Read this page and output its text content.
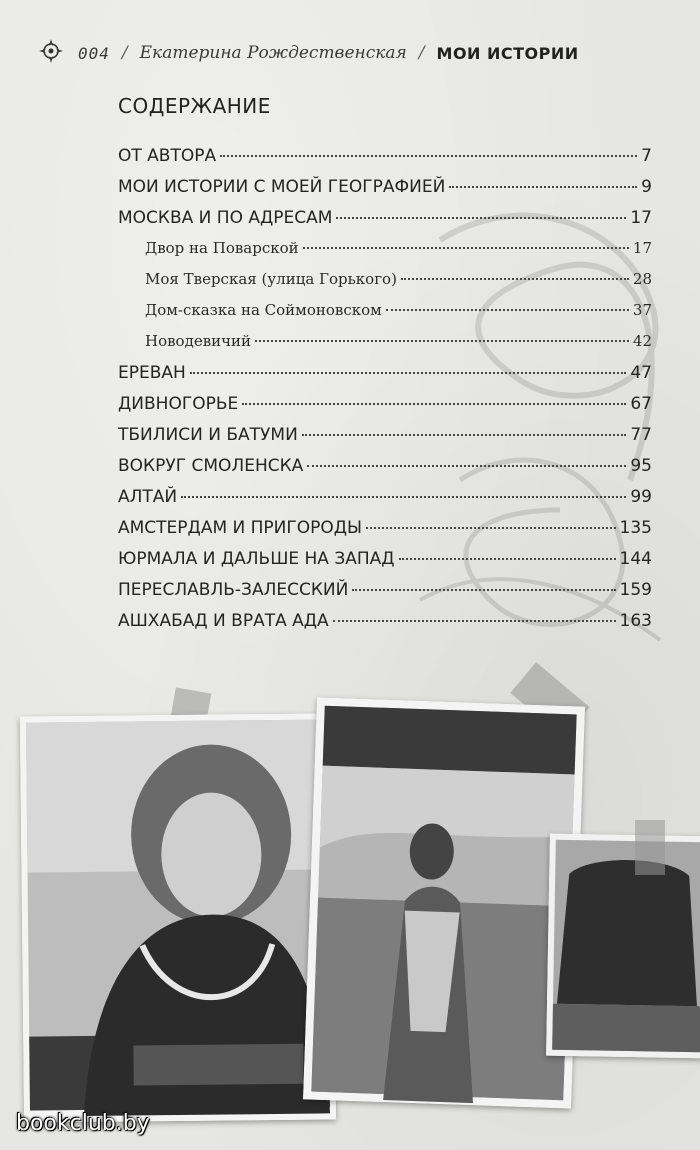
004 / Екатерина Рождественская / МОИ ИСТОРИИ
СОДЕРЖАНИЕ
ОТ АВТОРА	7
МОИ ИСТОРИИ С МОЕЙ ГЕОГРАФИЕЙ	9
МОСКВА И ПО АДРЕСАМ	17
Двор на Поварской	17
Моя Тверская (улица Горького)	28
Дом-сказка на Соймоновском	37
Новодевичий	42
ЕРЕВАН	47
ДИВНОГОРЬЕ	67
ТБИЛИСИ И БАТУМИ	77
ВОКРУГ СМОЛЕНСКА	95
АЛТАЙ	99
АМСТЕРДАМ И ПРИГОРОДЫ	135
ЮРМАЛА И ДАЛЬШЕ НА ЗАПАД	144
ПЕРЕСЛАВЛЬ-ЗАЛЕССКИЙ	159
АШХАБАД И ВРАТА АДА	163
bookclub.by
